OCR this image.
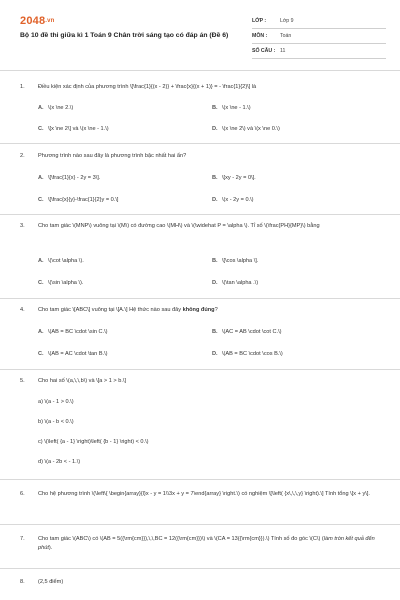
2048.vn
Bộ 10 đề thi giữa kì 1 Toán 9 Chân trời sáng tạo có đáp án (Đề 6)
LỚP :	Lớp 9
MÔN :	Toán
SỐ CÂU : 11
1.	Điều kiện xác định của phương trình \[\frac{1}{(x - 2)} + \frac{x}{(x + 1)} = - \frac{1}{2}\] là
A. \(x \ne 2.\)	B. \(x \ne - 1.\)
C. \[x \ne 2\] và \(x \ne - 1.\)	D. \(x \ne 2\) và \(x \ne 0.\)
2.	Phương trình nào sau đây là phương trình bậc nhất hai ẩn?
A. \[\frac{1}{x} - 2y = 3\].	B. \[xy - 2y = 0\].
C. \[\frac{x}{y}-\frac{1}{2}y = 0.\]	D. \(x - 2y = 0.\)
3.	Cho tam giác \(MNP\) vuông tại \(M\) có đường cao \(MH\) và \(\widehat P = \alpha \). Tỉ số \(\frac{PH}{MP}\) bằng
A. \(\cot \alpha \).	B. \[\cos \alpha \].
C. \(\sin \alpha \).	D. \(\tan \alpha .\)
4.	Cho tam giác \[ABC\] vuông tại \[A.\] Hệ thức nào sau đây không đúng?
A. \(AB = BC \cdot \sin C.\)	B. \(AC = AB \cdot \cot C.\)
C. \(AB = AC \cdot \tan B.\)	D. \(AB = BC \cdot \cos B.\)
5.	Cho hai số \(a,\,\,b\) và \[a > 1 > b.\]
a) \(a - 1 > 0.\)
b) \(a - b < 0.\)
c) \(\left( {a - 1} \right)\left( {b - 1} \right) < 0.\)
d) \(a - 2b < - 1.\)
6.	Cho hệ phương trình \(\left\{ \begin{array}{l}x - y = 1\\3x + y = 7\end{array} \right.\) có nghiệm \[\left( {x\,\,\,y} \right).\] Tính tổng \[x + y\].
7.	Cho tam giác \(ABC\) có \(AB = 5({\rm{cm}}),\,\,BC = 12({\rm{cm}})\) và \(CA = 13({\rm{cm}}).\) Tính số đo góc \(C\) (làm tròn kết quả đến phút).
8.	(2,5 điểm)
